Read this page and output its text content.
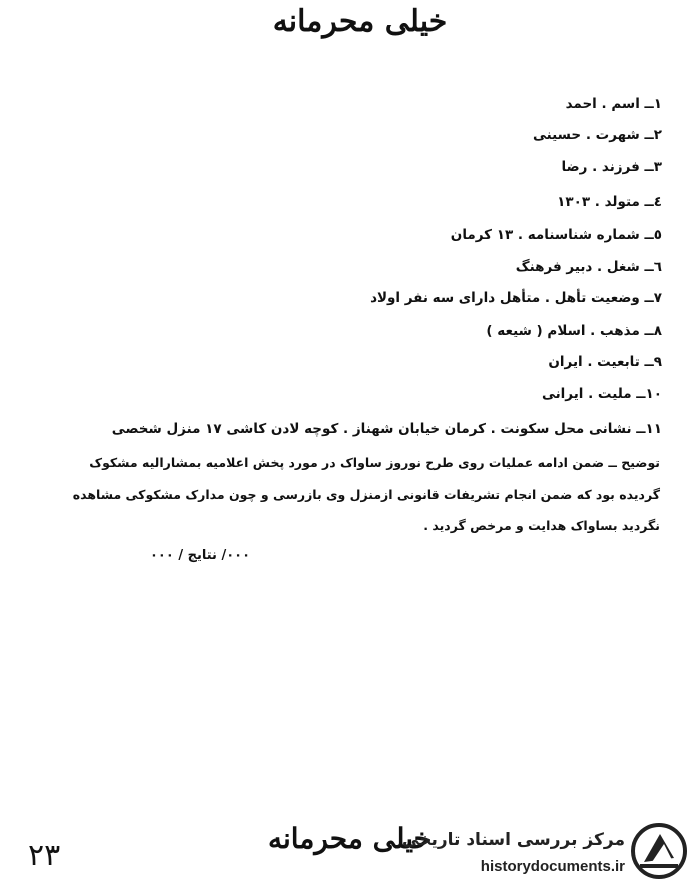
خیلی محرمانه
۱ــ اسم . احمد
۲ــ شهرت . حسینی
۳ــ فرزند . رضا
٤ــ متولد . ۱۳۰۳
٥ــ شماره شناسنامه . ۱۳ کرمان
٦ــ شغل . دبیر فرهنگ
۷ــ وضعیت تأهل . متأهل دارای سه نفر اولاد
۸ــ مذهب . اسلام ( شیعه )
۹ــ تابعیت . ایران
۱۰ــ ملیت . ایرانی
۱۱ــ نشانی محل سکونت . کرمان خیابان شهناز . کوچه لادن کاشی ۱۷ منزل شخصی
توضیح ــ ضمن ادامه عملیات روی طرح نوروز ساواک در مورد پخش اعلامیه بمشارالیه مشکوک
گردیده بود که ضمن انجام تشریفات قانونی ازمنزل وی بازرسی و چون مدارک مشکوکی مشاهده
نگردید بساواک هدایت و مرخص گردید .
۰۰۰/ نتایج / ۰۰۰
۲۳	خیلی محرمانه
مرکز بررسی اسناد تاریخی
historydocuments.ir
